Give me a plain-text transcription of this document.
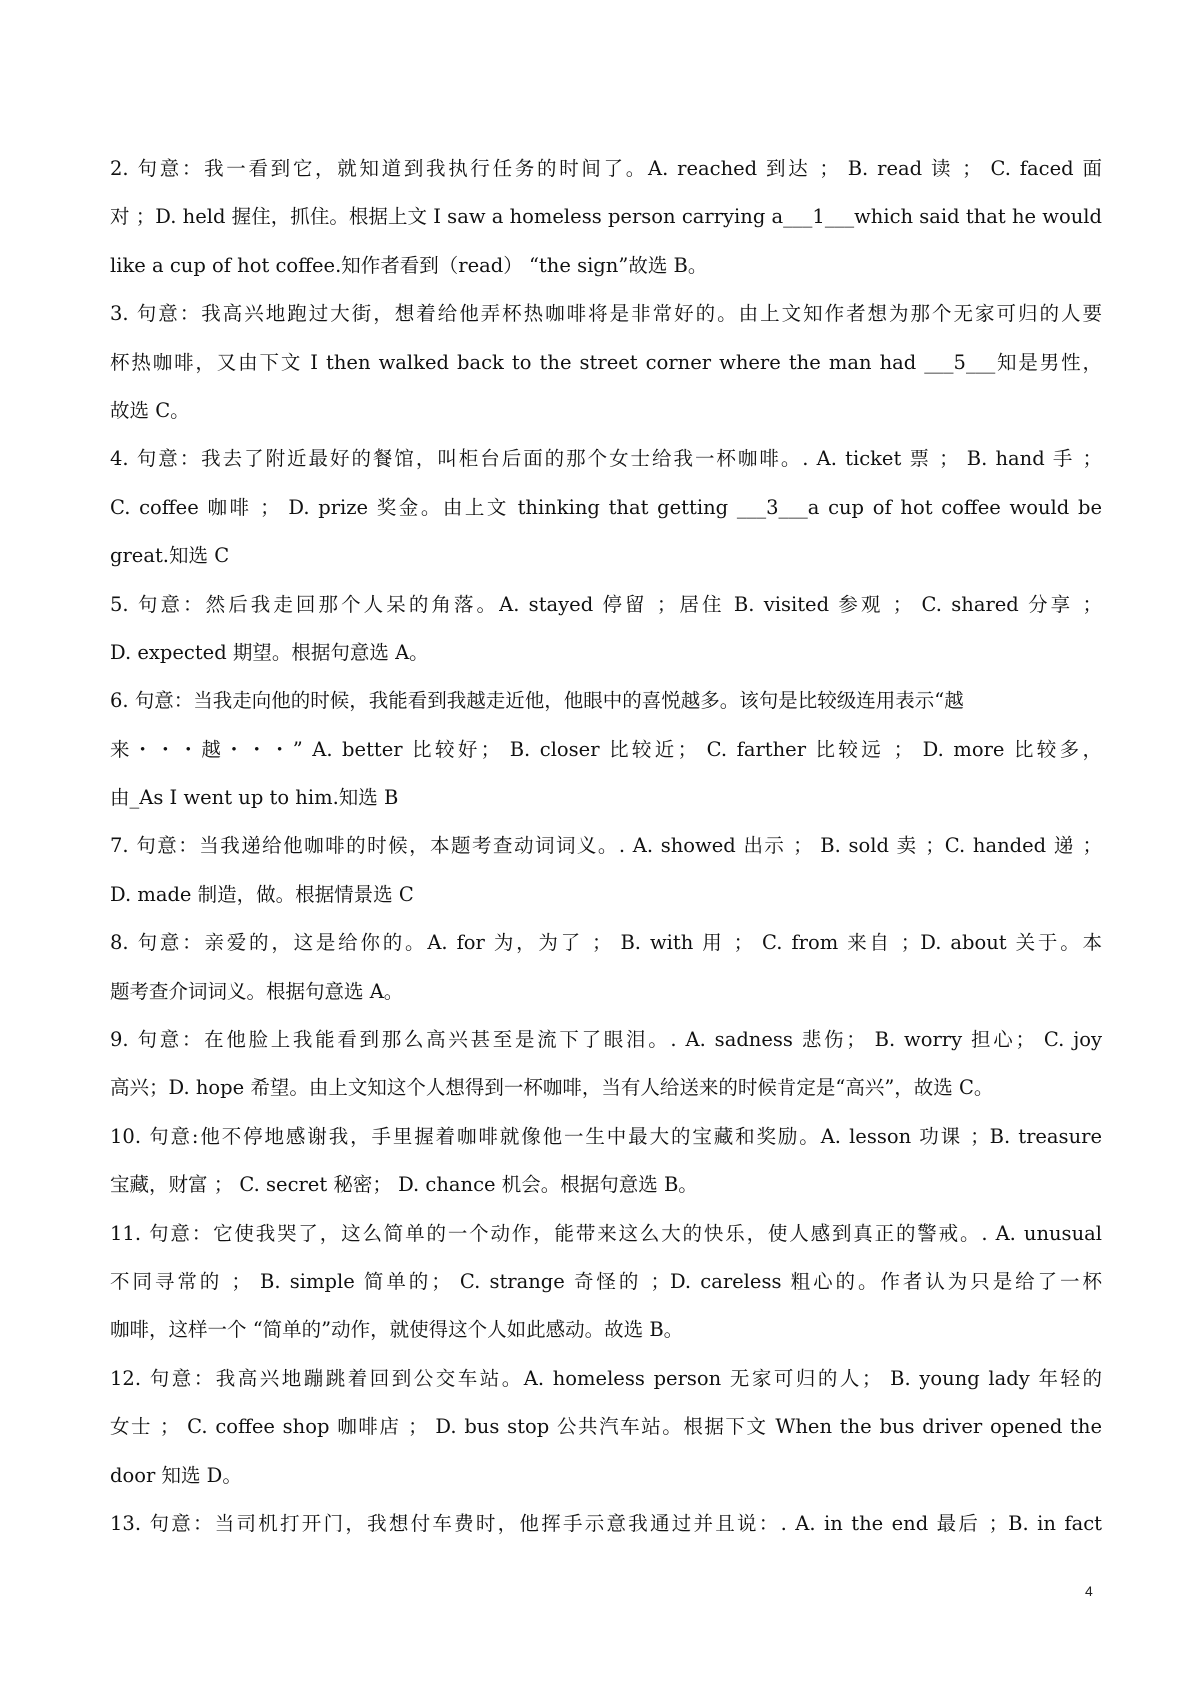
2. 句意：我一看到它，就知道到我执行任务的时间了。A. reached 到达 ； B. read 读 ； C. faced 面
对 ；D. held 握住，抓住。根据上文 I saw a homeless person carrying a___1___which said that he would
like a cup of hot coffee.知作者看到（read） “the sign”故选 B。
3. 句意：我高兴地跑过大街，想着给他弄杯热咖啡将是非常好的。由上文知作者想为那个无家可归的人要
杯热咖啡，又由下文 I then walked back to the street corner where the man had ___5___知是男性，
故选 C。
4. 句意：我去了附近最好的餐馆，叫柜台后面的那个女士给我一杯咖啡。. A. ticket 票 ； B. hand 手 ；
C. coffee 咖啡 ； D. prize 奖金。由上文 thinking that getting ___3___a cup of hot coffee would be
great.知选 C
5. 句意：然后我走回那个人呆的角落。A. stayed 停留 ；居住 B. visited 参观 ； C. shared 分享 ；
D. expected 期望。根据句意选 A。
6. 句意：当我走向他的时候，我能看到我越走近他，他眼中的喜悦越多。该句是比较级连用表示“越
来・・・越・・・” A. better 比较好； B. closer 比较近； C. farther 比较远 ； D. more 比较多，
由_As I went up to him.知选 B
7. 句意：当我递给他咖啡的时候，本题考查动词词义。. A. showed 出示 ； B. sold 卖 ；C. handed 递 ；
D. made 制造，做。根据情景选 C
8. 句意：亲爱的，这是给你的。A. for 为，为了 ； B. with 用 ； C. from 来自 ；D. about 关于。本
题考查介词词义。根据句意选 A。
9. 句意：在他脸上我能看到那么高兴甚至是流下了眼泪。. A. sadness 悲伤； B. worry 担心； C. joy
高兴；D. hope 希望。由上文知这个人想得到一杯咖啡，当有人给送来的时候肯定是“高兴”，故选 C。
10. 句意:他不停地感谢我，手里握着咖啡就像他一生中最大的宝藏和奖励。A. lesson 功课 ；B. treasure
宝藏，财富 ； C. secret 秘密； D. chance 机会。根据句意选 B。
11. 句意：它使我哭了，这么简单的一个动作，能带来这么大的快乐，使人感到真正的警戒。. A. unusual
不同寻常的 ； B. simple 简单的； C. strange 奇怪的 ；D. careless 粗心的。作者认为只是给了一杯
咖啡，这样一个 “简单的”动作，就使得这个人如此感动。故选 B。
12. 句意：我高兴地蹦跳着回到公交车站。A. homeless person 无家可归的人； B. young lady 年轻的
女士 ； C. coffee shop 咖啡店 ； D. bus stop 公共汽车站。根据下文 When the bus driver opened the
door 知选 D。
13. 句意：当司机打开门，我想付车费时，他挥手示意我通过并且说：. A. in the end 最后 ；B. in fact
4
